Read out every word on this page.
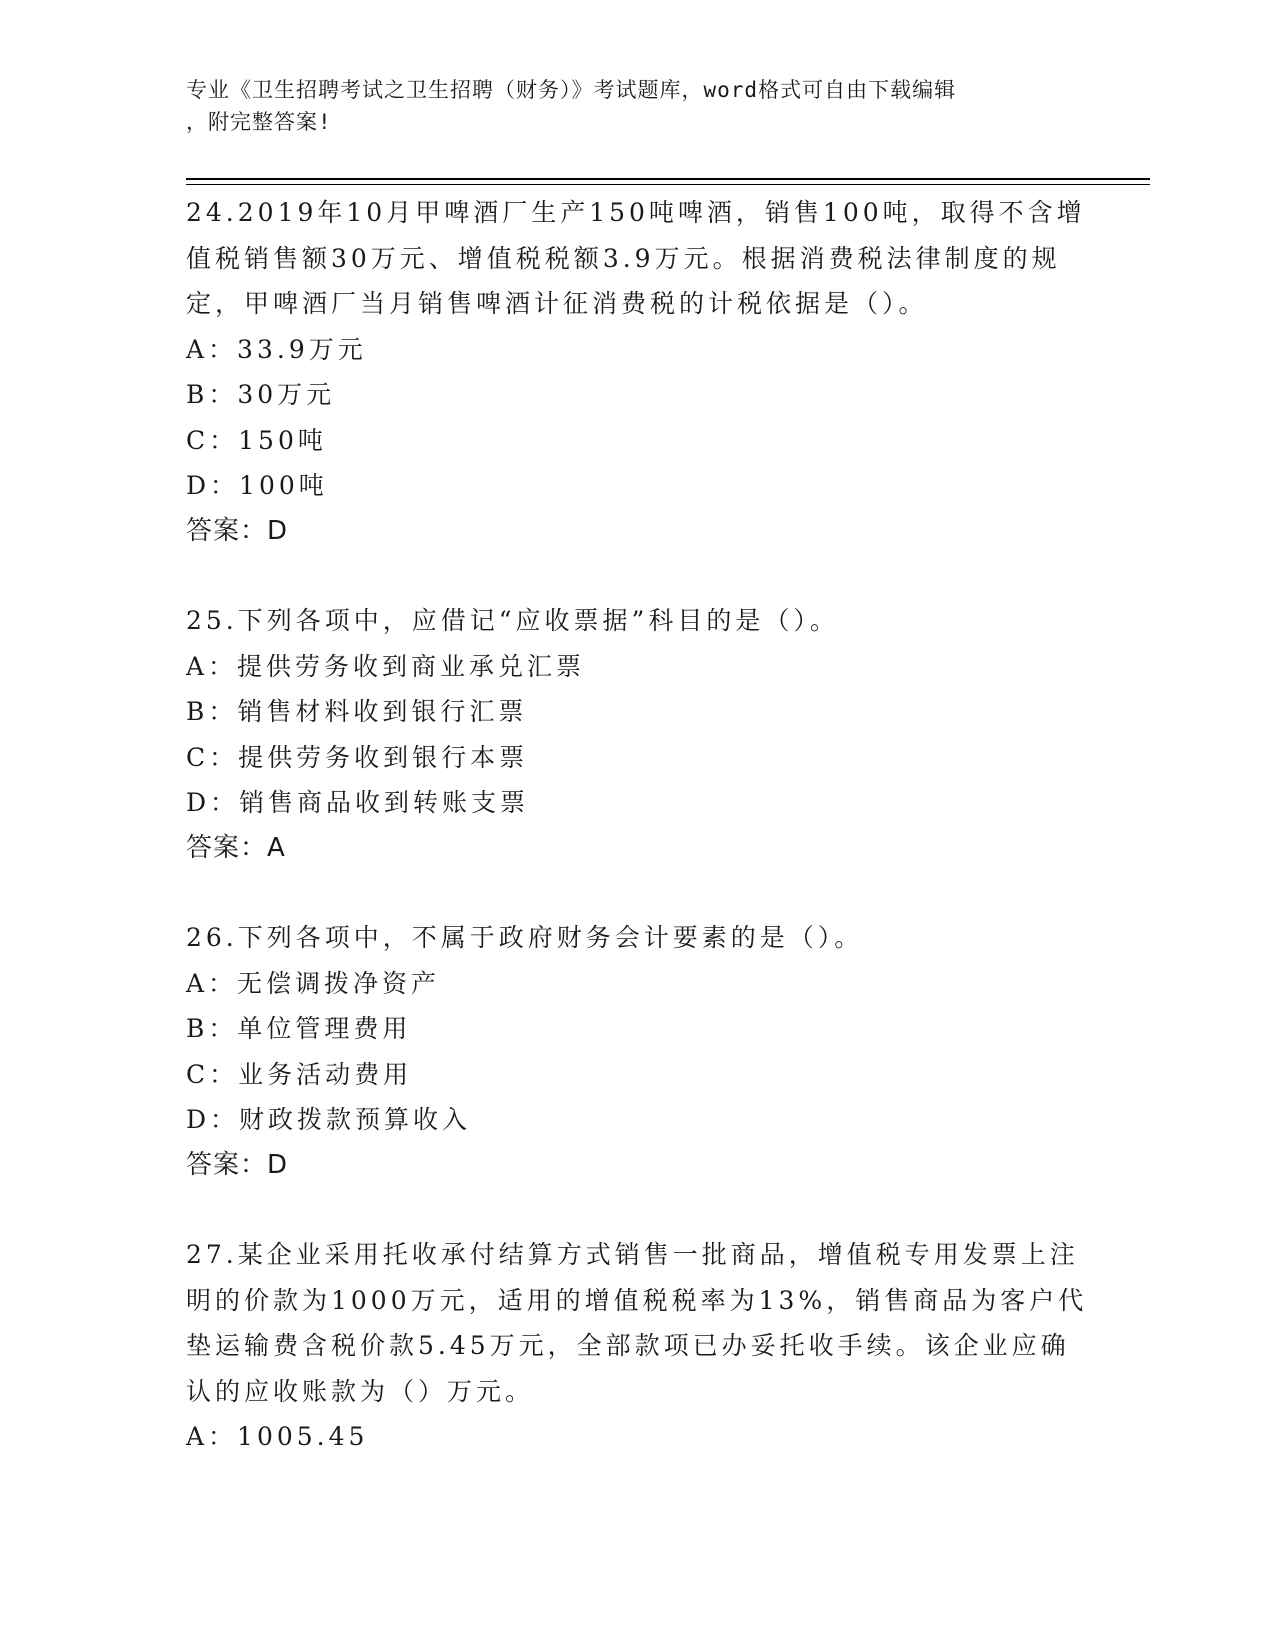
专业《卫生招聘考试之卫生招聘（财务）》考试题库，word格式可自由下载编辑
，附完整答案!
24.2019年10月甲啤酒厂生产150吨啤酒，销售100吨，取得不含增
值税销售额30万元、增值税税额3.9万元。根据消费税法律制度的规
定，甲啤酒厂当月销售啤酒计征消费税的计税依据是（）。
A：33.9万元
B：30万元
C：150吨
D：100吨
答案：D
25.下列各项中，应借记“应收票据”科目的是（）。
A：提供劳务收到商业承兑汇票
B：销售材料收到银行汇票
C：提供劳务收到银行本票
D：销售商品收到转账支票
答案：A
26.下列各项中，不属于政府财务会计要素的是（）。
A：无偿调拨净资产
B：单位管理费用
C：业务活动费用
D：财政拨款预算收入
答案：D
27.某企业采用托收承付结算方式销售一批商品，增值税专用发票上注
明的价款为1000万元，适用的增值税税率为13%，销售商品为客户代
垫运输费含税价款5.45万元，全部款项已办妥托收手续。该企业应确
认的应收账款为（）万元。
A：1005.45
